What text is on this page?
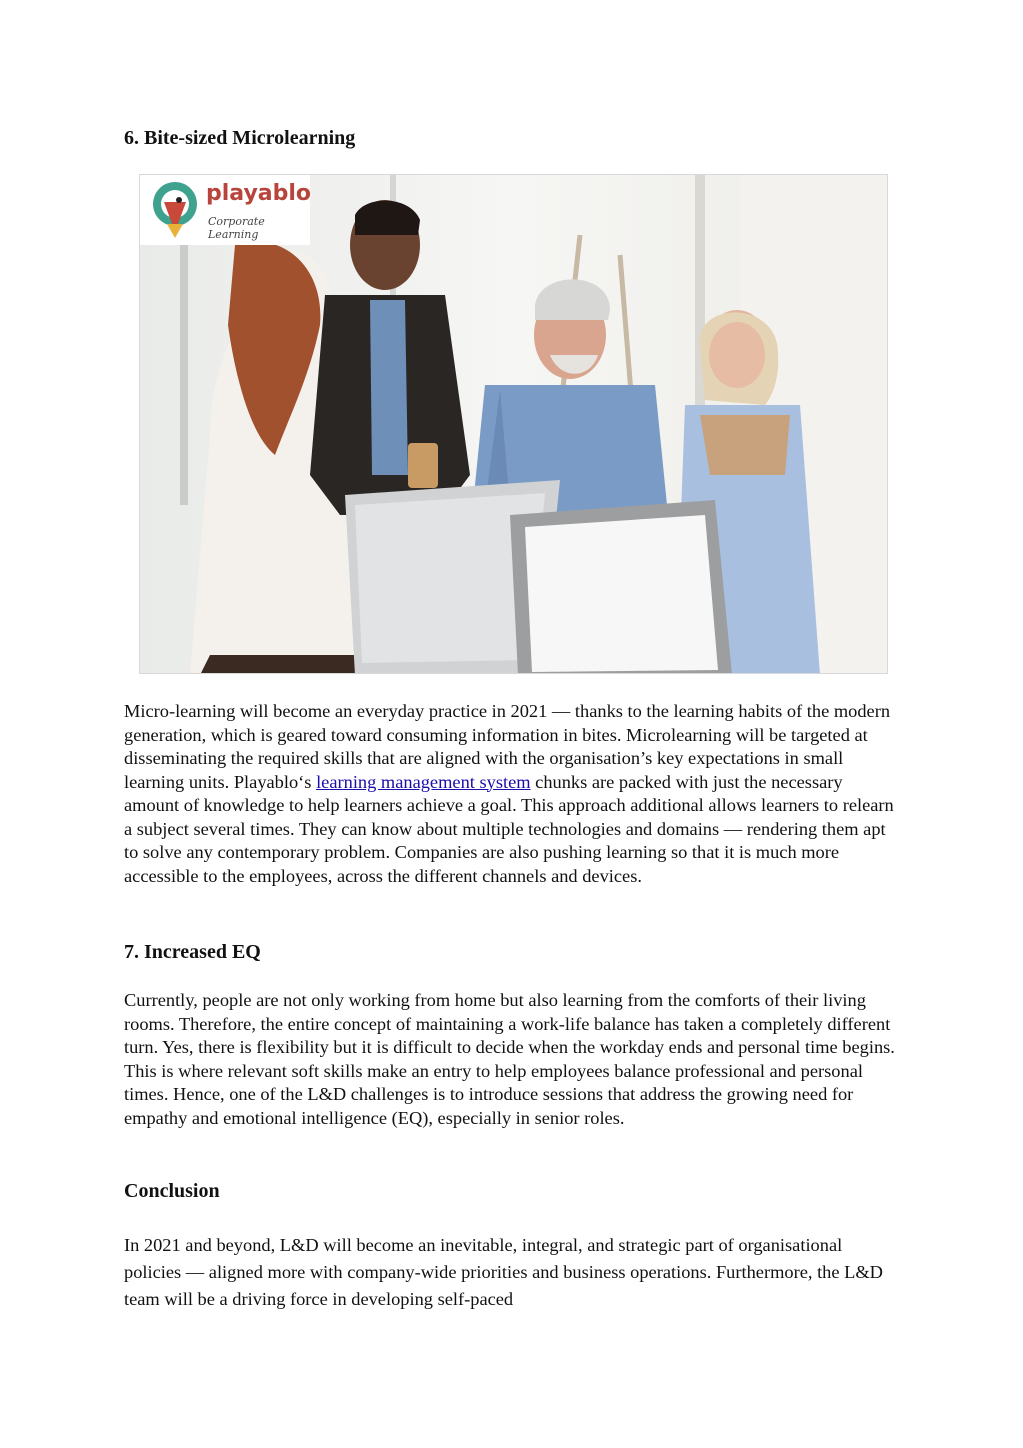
6. Bite-sized Microlearning
playablo
Corporate Learning

Micro-learning will become an everyday practice in 2021 — thanks to the learning habits of the modern generation, which is geared toward consuming information in bites. Microlearning will be targeted at disseminating the required skills that are aligned with the organisation’s key expectations in small learning units. Playablo‘s learning management system chunks are packed with just the necessary amount of knowledge to help learners achieve a goal. This approach additional allows learners to relearn a subject several times. They can know about multiple technologies and domains — rendering them apt to solve any contemporary problem. Companies are also pushing learning so that it is much more accessible to the employees, across the different channels and devices.

7. Increased EQ

Currently, people are not only working from home but also learning from the comforts of their living rooms. Therefore, the entire concept of maintaining a work-life balance has taken a completely different turn. Yes, there is flexibility but it is difficult to decide when the workday ends and personal time begins. This is where relevant soft skills make an entry to help employees balance professional and personal times. Hence, one of the L&D challenges is to introduce sessions that address the growing need for empathy and emotional intelligence (EQ), especially in senior roles.

Conclusion

In 2021 and beyond, L&D will become an inevitable, integral, and strategic part of organisational policies — aligned more with company-wide priorities and business operations. Furthermore, the L&D team will be a driving force in developing self-paced
